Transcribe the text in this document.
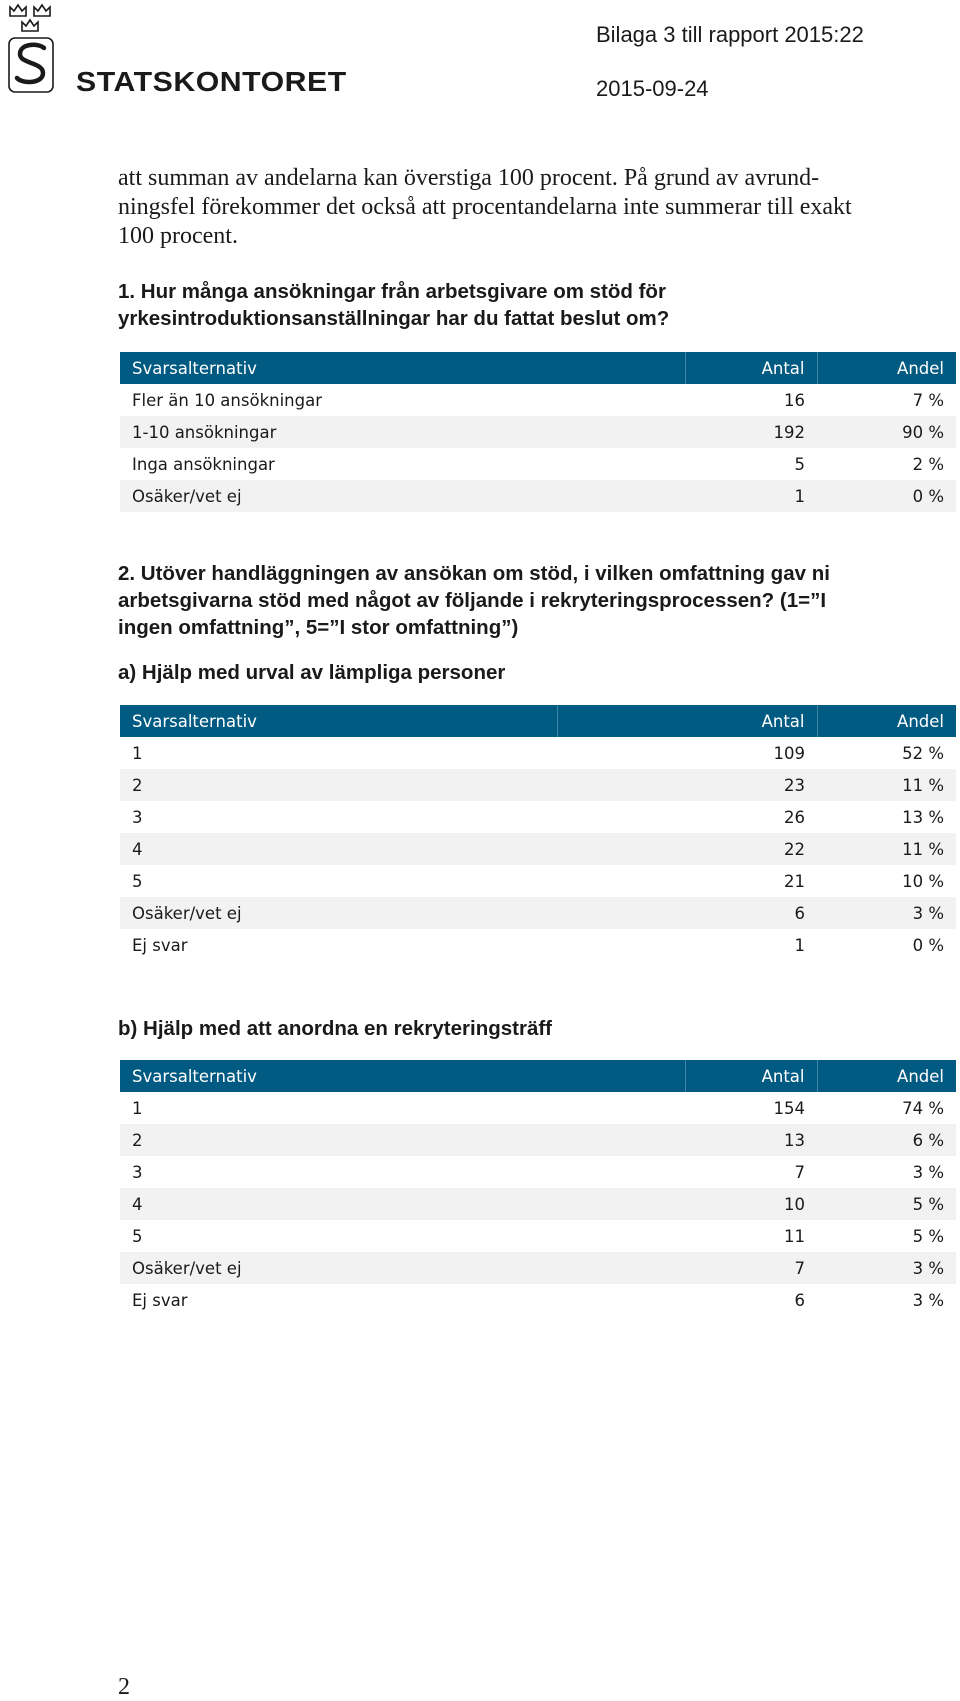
STATSKONTORET
Bilaga 3 till rapport 2015:22
2015-09-24
att summan av andelarna kan överstiga 100 procent. På grund av avrund-
ningsfel förekommer det också att procentandelarna inte summerar till exakt
100 procent.
1. Hur många ansökningar från arbetsgivare om stöd för
yrkesintroduktionsanställningar har du fattat beslut om?
Svarsalternativ	Antal	Andel
Fler än 10 ansökningar	16	7 %
1-10 ansökningar	192	90 %
Inga ansökningar	5	2 %
Osäker/vet ej	1	0 %
2. Utöver handläggningen av ansökan om stöd, i vilken omfattning gav ni
arbetsgivarna stöd med något av följande i rekryteringsprocessen? (1=”I
ingen omfattning”, 5=”I stor omfattning”)
a) Hjälp med urval av lämpliga personer
Svarsalternativ	Antal	Andel
1	109	52 %
2	23	11 %
3	26	13 %
4	22	11 %
5	21	10 %
Osäker/vet ej	6	3 %
Ej svar	1	0 %
b) Hjälp med att anordna en rekryteringsträff
Svarsalternativ	Antal	Andel
1	154	74 %
2	13	6 %
3	7	3 %
4	10	5 %
5	11	5 %
Osäker/vet ej	7	3 %
Ej svar	6	3 %
2
